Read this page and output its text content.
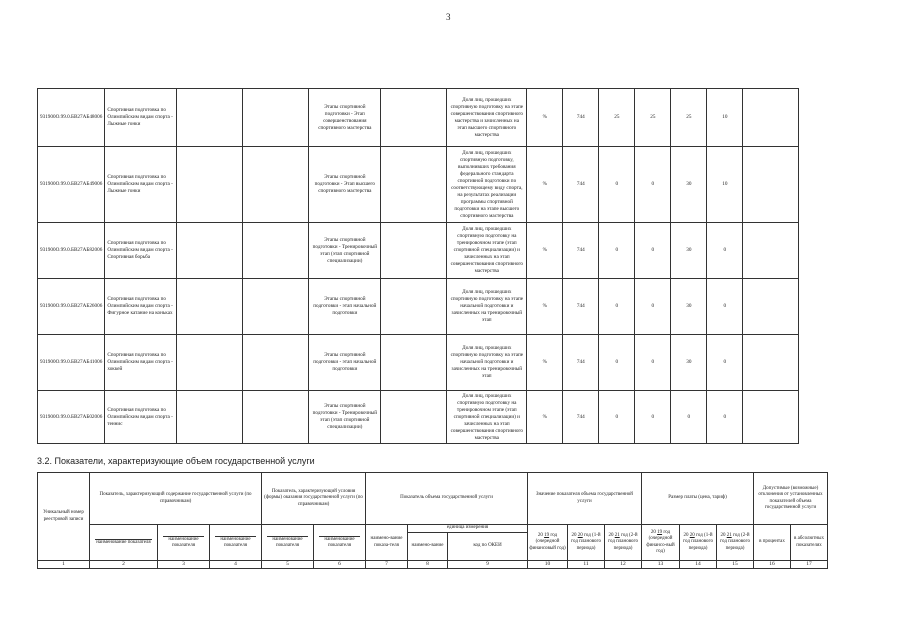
3
931900О.99.0.БВ27АБ48006	Спортивная подготовка по Олимпийским видам спорта - Лыжные гонки			Этапы спортивной подготовки - Этап совершенствования спортивного мастерства		Доля лиц, прошедших спортивную подготовку на этапе совершенствования спортивного мастерства и зачисленных на этап высшего спортивного мастерства	%	744	25	25	25	10	
931900О.99.0.БВ27АБ49006	Спортивная подготовка по Олимпийским видам спорта - Лыжные гонки			Этапы спортивной подготовки - Этап высшего спортивного мастерства		Доля лиц, прошедших спортивную подготовку, выполнивших требования федерального стандарта спортивной подготовки по соответствующему виду спорта, на результатах реализации программы спортивной подготовки на этапе высшего спортивного мастерства	%	744	0	0	30	10	
931900О.99.0.БВ27АБ82006	Спортивная подготовка по Олимпийским видам спорта - Спортивная борьба			Этапы спортивной подготовки - Тренировочный этап (этап спортивной специализации)		Доля лиц, прошедших спортивную подготовку на тренировочном этапе (этап спортивной специализации) и зачисленных на этап совершенствования спортивного мастерства	%	744	0	0	30	0	
931900О.99.0.БВ27АБ26006	Спортивная подготовка по Олимпийским видам спорта - Фигурное катание на коньках			Этапы спортивной подготовки - этап начальной подготовки		Доля лиц, прошедших спортивную подготовку на этапе начальной подготовки и зачисленных на тренировочный этап	%	744	0	0	30	0	
931900О.99.0.БВ27АБ41006	Спортивная подготовка по Олимпийским видам спорта - хоккей			Этапы спортивной подготовки - этап начальной подготовки		Доля лиц, прошедших спортивную подготовку на этапе начальной подготовки и зачисленных на тренировочный этап	%	744	0	0	30	0	
931900О.99.0.БВ27АБ02006	Спортивная подготовка по Олимпийским видам спорта - теннис			Этапы спортивной подготовки - Тренировочный этап (этап спортивной специализации)		Доля лиц, прошедших спортивную подготовку на тренировочном этапе (этап спортивной специализации) и зачисленных на этап совершенствования спортивного мастерства	%	744	0	0	0	0	
3.2. Показатели, характеризующие объем государственной услуги
Уникальный номер реестровой записи	Показатель, характеризующий содержание государственной услуги (по справочникам)			Показатель, характеризующий условия (формы) оказания государственной услуги (по справочникам)		Показатель объема государственной услуги			Значение показателя объема государственной услуги			Размер платы (цена, тариф)			Допустимые (возможные) отклонения от установленных показателей объема государственной услуги	

наименование показателя	наименование показателя	наименование показателя	наименование показателя	наименование показателя	наимено-вание показа-теля	единица измерения		20 19 год (очередной финансовый год)	20 20 год (1-й год планового периода)	20 21 год (2-й год планового периода)	20 19 год (очередной финансо-вый год)	20 20 год (1-й год планового периода)	20 21 год (2-й год планового периода)	в процентах	в абсолютных показателях
							наимено-вание	код по ОКЕИ								
1	2	3	4	5	6	7	8	9	10	11	12	13	14	15	16	17
